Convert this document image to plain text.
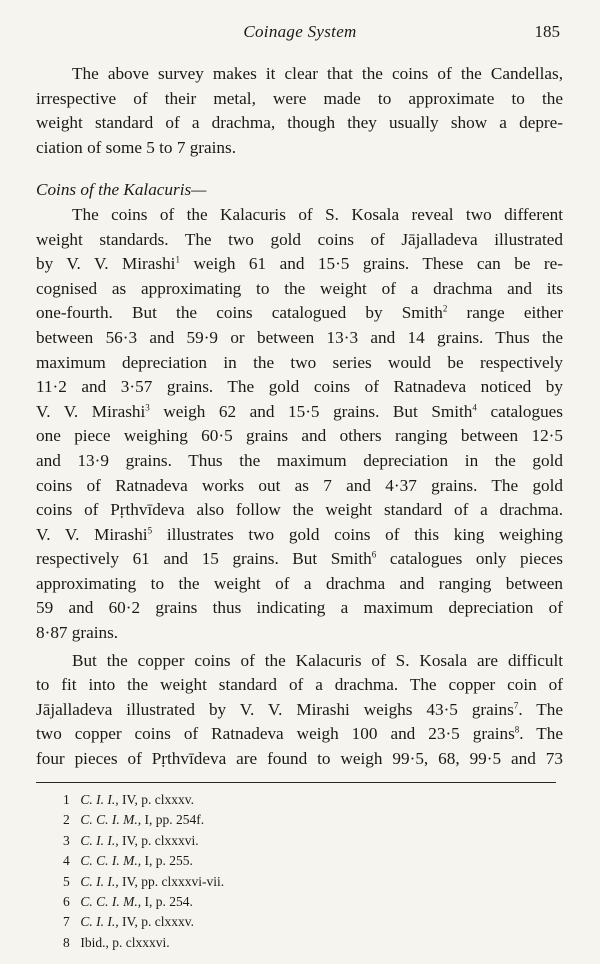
Coinage System	185
The above survey makes it clear that the coins of the Candellas,
irrespective of their metal, were made to approximate to the
weight standard of a drachma, though they usually show a depre-
ciation of some 5 to 7 grains.
Coins of the Kalacuris—
The coins of the Kalacuris of S. Kosala reveal two different
weight standards. The two gold coins of Jājalladeva illustrated
by V. V. Mirashi$^1$ weigh 61 and 15·5 grains. These can be re-
cognised as approximating to the weight of a drachma and its
one-fourth. But the coins catalogued by Smith$^2$ range either
between 56·3 and 59·9 or between 13·3 and 14 grains. Thus the
maximum depreciation in the two series would be respectively
11·2 and 3·57 grains. The gold coins of Ratnadeva noticed by
V. V. Mirashi$^3$ weigh 62 and 15·5 grains. But Smith$^4$ catalogues
one piece weighing 60·5 grains and others ranging between 12·5
and 13·9 grains. Thus the maximum depreciation in the gold
coins of Ratnadeva works out as 7 and 4·37 grains. The gold
coins of Pṛthvīdeva also follow the weight standard of a drachma.
V. V. Mirashi$^5$ illustrates two gold coins of this king weighing
respectively 61 and 15 grains. But Smith$^6$ catalogues only pieces
approximating to the weight of a drachma and ranging between
59 and 60·2 grains thus indicating a maximum depreciation of
8·87 grains.
But the copper coins of the Kalacuris of S. Kosala are difficult
to fit into the weight standard of a drachma. The copper coin of
Jājalladeva illustrated by V. V. Mirashi weighs 43·5 grains$^7$. The
two copper coins of Ratnadeva weigh 100 and 23·5 grains$^8$. The
four pieces of Pṛthvīdeva are found to weigh 99·5, 68, 99·5 and 73
1 C. I. I., IV, p. clxxxv.
2 C. C. I. M., I, pp. 254f.
3 C. I. I., IV, p. clxxxvi.
4 C. C. I. M., I, p. 255.
5 C. I. I., IV, pp. clxxxvi-vii.
6 C. C. I. M., I, p. 254.
7 C. I. I., IV, p. clxxxv.
8 Ibid., p. clxxxvi.
